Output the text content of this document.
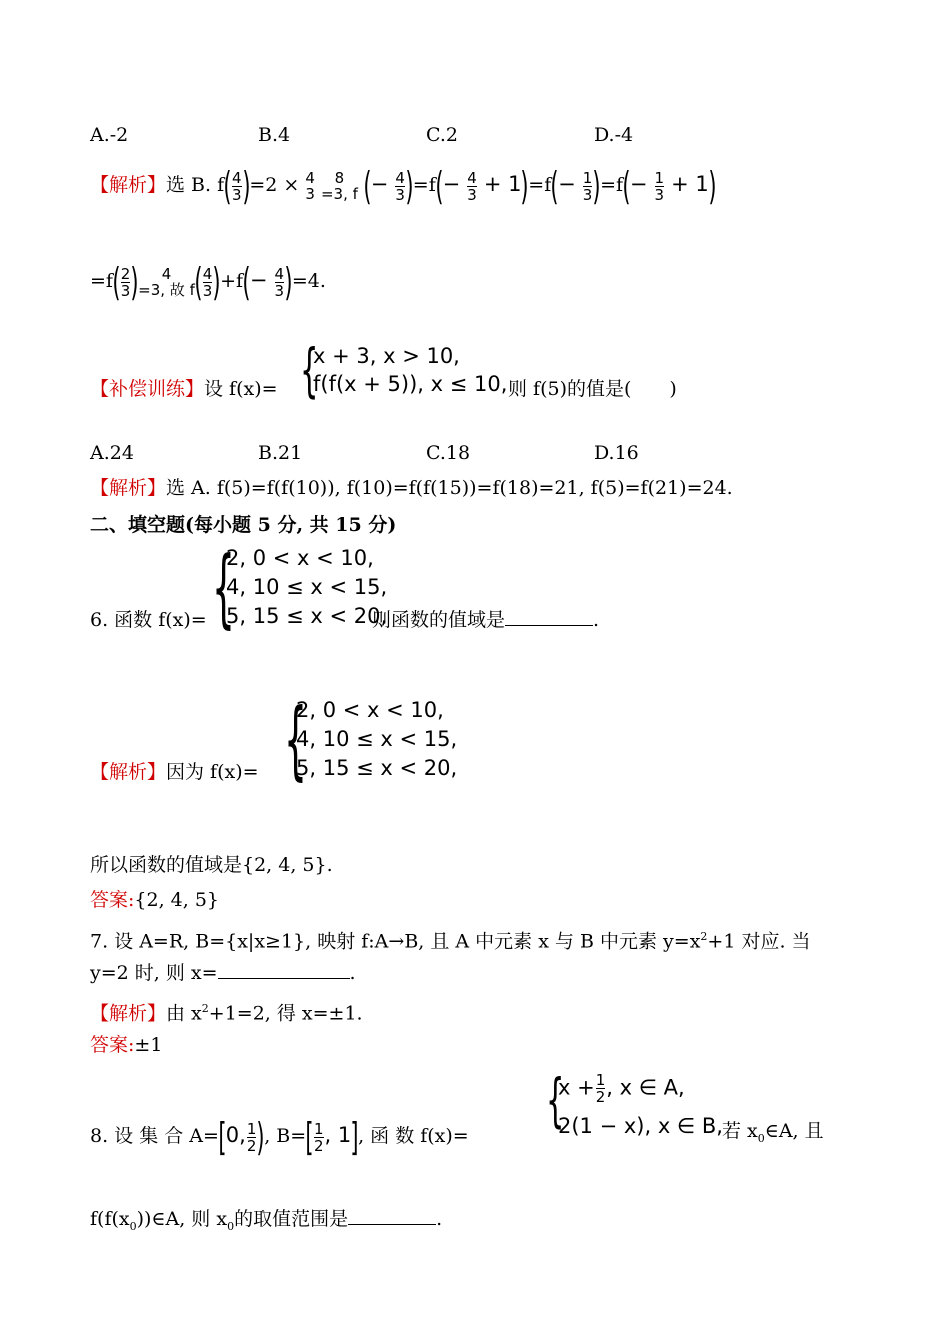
A.-2	B.4	C.2	D.-4
【解析】选 B. $f( \frac{4}{3} )=2 \times 4$
3

8
=3, f (− $\frac{4}{3} )=f(- \frac{4}{3} + 1)=f(- \frac{1}{3} )=f(- \frac{1}{3} + 1)$
$=f( \frac{2}{3}$ )	4
=3, 故 f ( $\frac{4}{3} )+f(- \frac{4}{3} )=4$.
【补偿训练】设 f(x)= {
x + 3, x > 10,
f(f(x + 5)), x ≤ 10, 则 f(5)的值是(　　)
A.24	B.21	C.18	D.16
【解析】选 A. f(5)=f(f(10)), f(10)=f(f(15))=f(18)=21, f(5)=f(21)=24.
二、填空题(每小题 5 分, 共 15 分)
6. 函数 f(x)= {
2, 0 < x < 10,
4, 10 ≤ x < 15,
5, 15 ≤ x < 20,
则函数的值域是	.
【解析】因为 f(x)= {
2, 0 < x < 10,
4, 10 ≤ x < 15,
5, 15 ≤ x < 20,
所以函数的值域是{2, 4, 5}.
答案:{2, 4, 5}
7. 设 A=R, B={x|x≥1}, 映射 f:A→B, 且 A 中元素 x 与 B 中元素 $y=x^2+1$ 对应. 当
y=2 时, 则 x=	.
【解析】由 $x^2+1=2$, 得 x=±1.
答案:±1
8. 设 集 合 A=[0, $\frac{1}{2}$ ), $B=[ \frac{1}{2}$ , 1], 函 数 f(x)=
{
$x + \frac{1}{2}$ , x ∈ A,
2(1 − x), x ∈ B, 若 $x_0\in A$, 且
$f(f(x_0))\in A$, 则 $x_0$的取值范围是	.
